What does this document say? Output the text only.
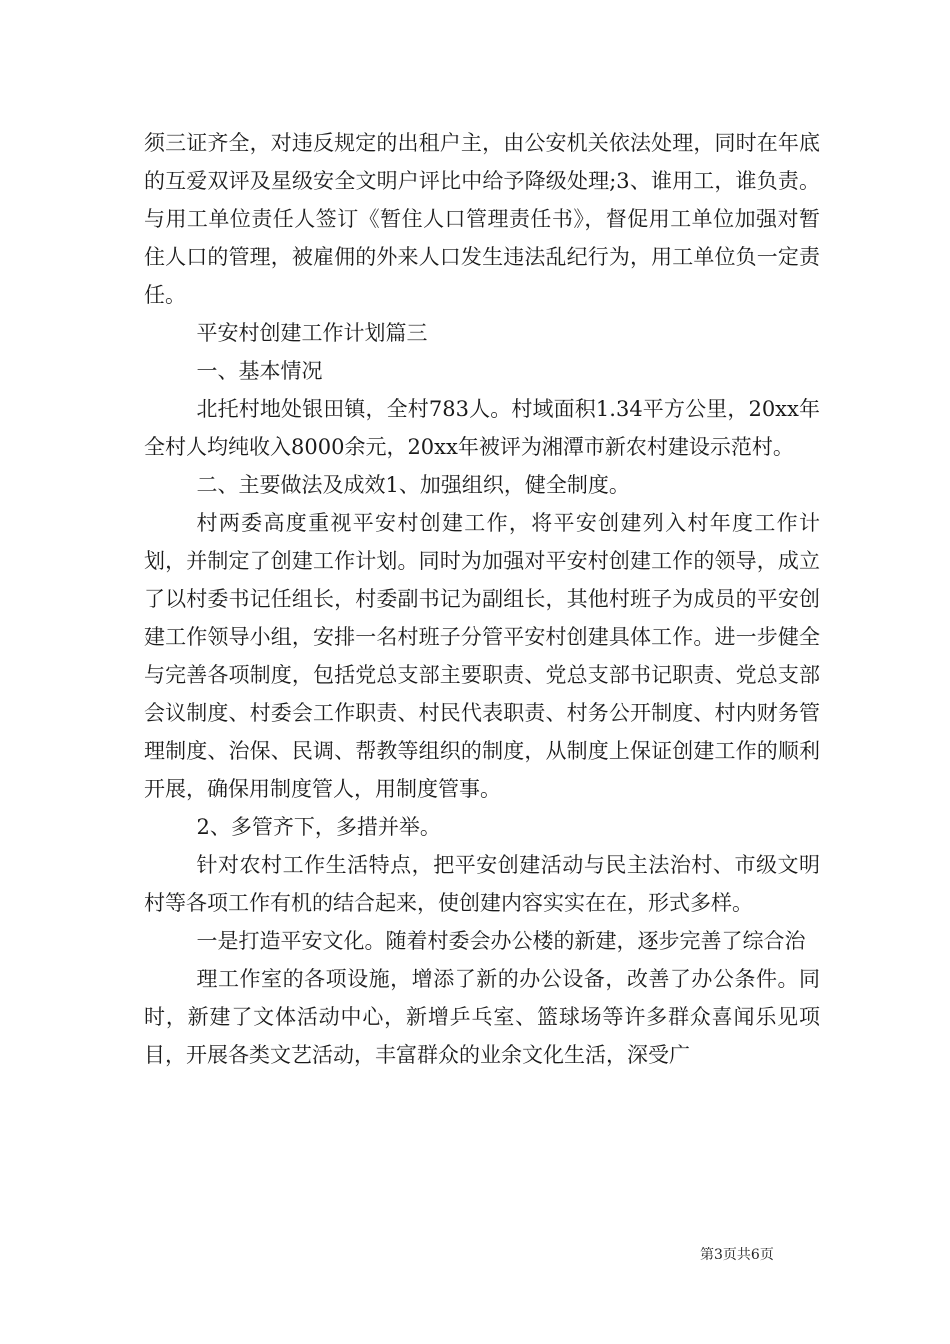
须三证齐全，对违反规定的出租户主，由公安机关依法处理，同时在年底的互爱双评及星级安全文明户评比中给予降级处理;3、谁用工，谁负责。与用工单位责任人签订《暂住人口管理责任书》，督促用工单位加强对暂住人口的管理，被雇佣的外来人口发生违法乱纪行为，用工单位负一定责任。

平安村创建工作计划篇三

一、基本情况

北托村地处银田镇，全村783人。村域面积1.34平方公里，20xx年全村人均纯收入8000余元，20xx年被评为湘潭市新农村建设示范村。

二、主要做法及成效1、加强组织，健全制度。

村两委高度重视平安村创建工作，将平安创建列入村年度工作计划，并制定了创建工作计划。同时为加强对平安村创建工作的领导，成立了以村委书记任组长，村委副书记为副组长，其他村班子为成员的平安创建工作领导小组，安排一名村班子分管平安村创建具体工作。进一步健全与完善各项制度，包括党总支部主要职责、党总支部书记职责、党总支部会议制度、村委会工作职责、村民代表职责、村务公开制度、村内财务管理制度、治保、民调、帮教等组织的制度，从制度上保证创建工作的顺利开展，确保用制度管人，用制度管事。

2、多管齐下，多措并举。

针对农村工作生活特点，把平安创建活动与民主法治村、市级文明村等各项工作有机的结合起来，使创建内容实实在在，形式多样。

一是打造平安文化。随着村委会办公楼的新建，逐步完善了综合治

理工作室的各项设施，增添了新的办公设备，改善了办公条件。同时，新建了文体活动中心，新增乒乓室、篮球场等许多群众喜闻乐见项目，开展各类文艺活动，丰富群众的业余文化生活，深受广

第3页共6页
